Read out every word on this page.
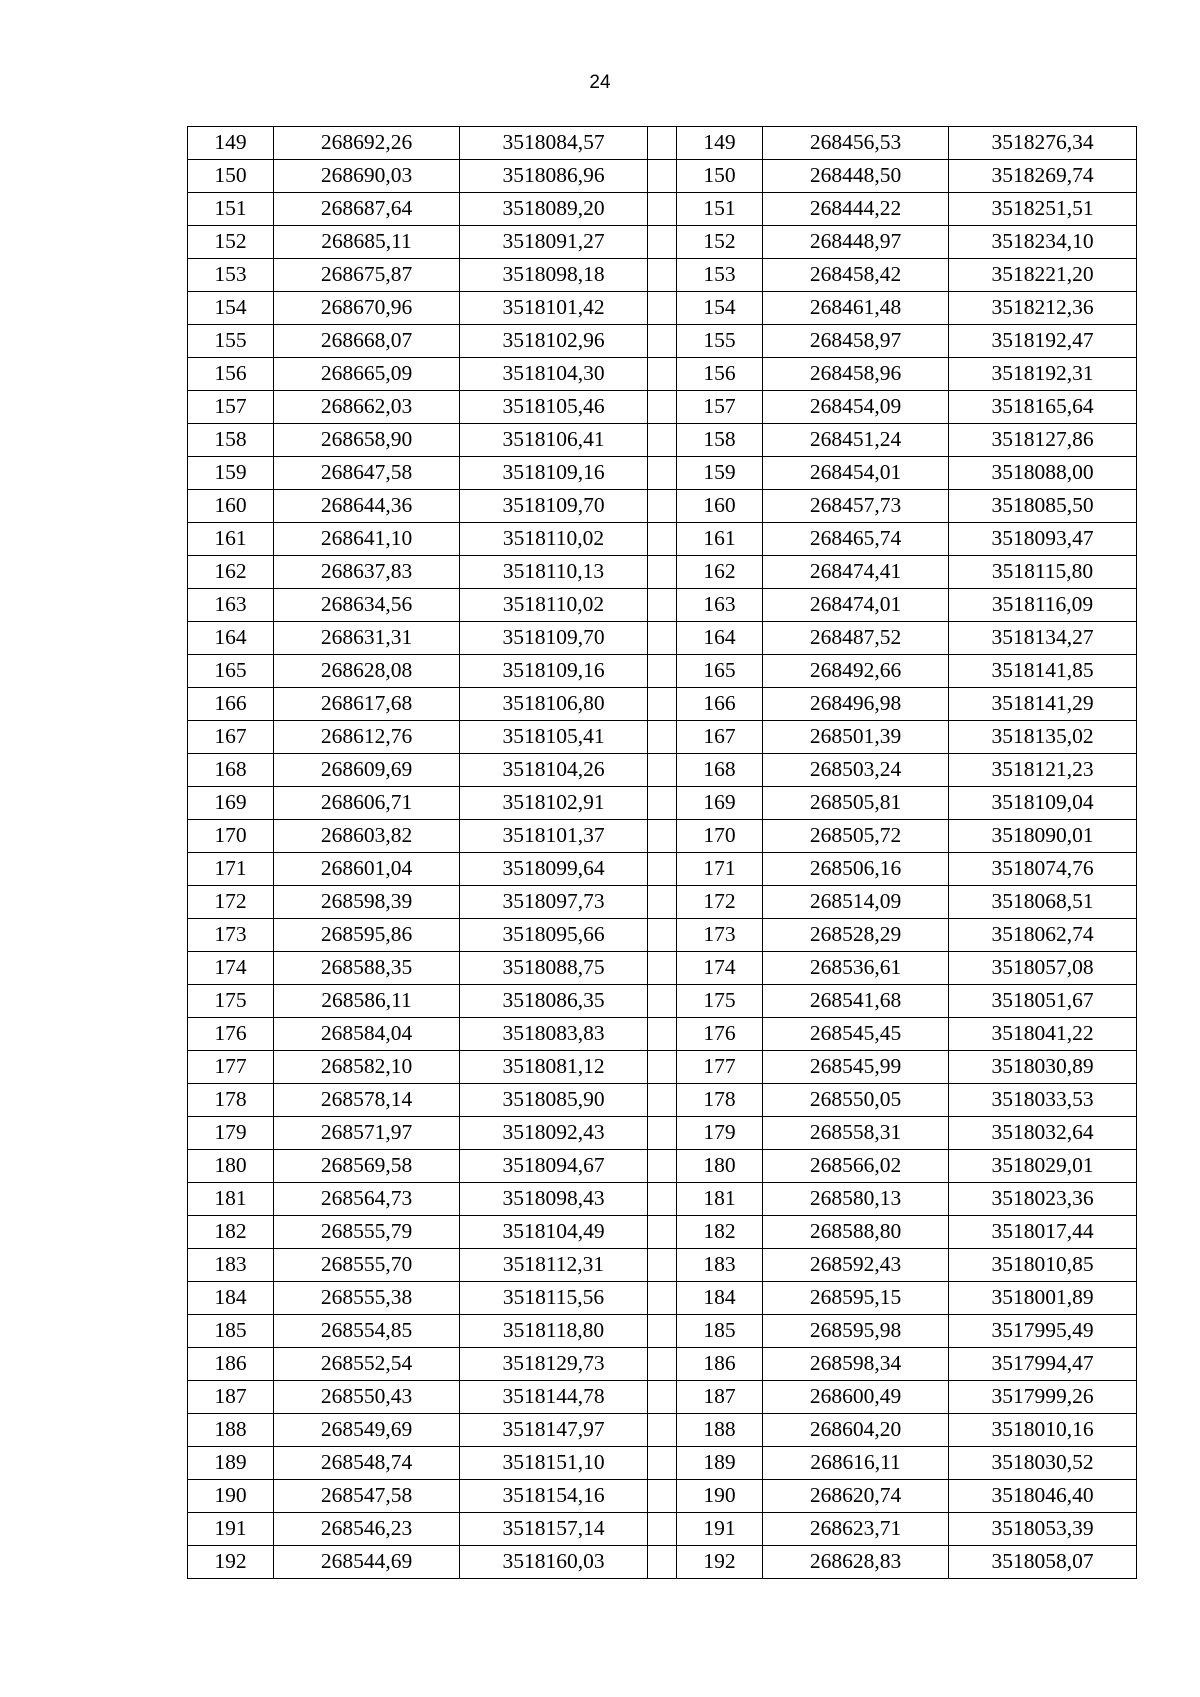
24
149	268692,26	3518084,57		149	268456,53	3518276,34
150	268690,03	3518086,96		150	268448,50	3518269,74
151	268687,64	3518089,20		151	268444,22	3518251,51
152	268685,11	3518091,27		152	268448,97	3518234,10
153	268675,87	3518098,18		153	268458,42	3518221,20
154	268670,96	3518101,42		154	268461,48	3518212,36
155	268668,07	3518102,96		155	268458,97	3518192,47
156	268665,09	3518104,30		156	268458,96	3518192,31
157	268662,03	3518105,46		157	268454,09	3518165,64
158	268658,90	3518106,41		158	268451,24	3518127,86
159	268647,58	3518109,16		159	268454,01	3518088,00
160	268644,36	3518109,70		160	268457,73	3518085,50
161	268641,10	3518110,02		161	268465,74	3518093,47
162	268637,83	3518110,13		162	268474,41	3518115,80
163	268634,56	3518110,02		163	268474,01	3518116,09
164	268631,31	3518109,70		164	268487,52	3518134,27
165	268628,08	3518109,16		165	268492,66	3518141,85
166	268617,68	3518106,80		166	268496,98	3518141,29
167	268612,76	3518105,41		167	268501,39	3518135,02
168	268609,69	3518104,26		168	268503,24	3518121,23
169	268606,71	3518102,91		169	268505,81	3518109,04
170	268603,82	3518101,37		170	268505,72	3518090,01
171	268601,04	3518099,64		171	268506,16	3518074,76
172	268598,39	3518097,73		172	268514,09	3518068,51
173	268595,86	3518095,66		173	268528,29	3518062,74
174	268588,35	3518088,75		174	268536,61	3518057,08
175	268586,11	3518086,35		175	268541,68	3518051,67
176	268584,04	3518083,83		176	268545,45	3518041,22
177	268582,10	3518081,12		177	268545,99	3518030,89
178	268578,14	3518085,90		178	268550,05	3518033,53
179	268571,97	3518092,43		179	268558,31	3518032,64
180	268569,58	3518094,67		180	268566,02	3518029,01
181	268564,73	3518098,43		181	268580,13	3518023,36
182	268555,79	3518104,49		182	268588,80	3518017,44
183	268555,70	3518112,31		183	268592,43	3518010,85
184	268555,38	3518115,56		184	268595,15	3518001,89
185	268554,85	3518118,80		185	268595,98	3517995,49
186	268552,54	3518129,73		186	268598,34	3517994,47
187	268550,43	3518144,78		187	268600,49	3517999,26
188	268549,69	3518147,97		188	268604,20	3518010,16
189	268548,74	3518151,10		189	268616,11	3518030,52
190	268547,58	3518154,16		190	268620,74	3518046,40
191	268546,23	3518157,14		191	268623,71	3518053,39
192	268544,69	3518160,03		192	268628,83	3518058,07
